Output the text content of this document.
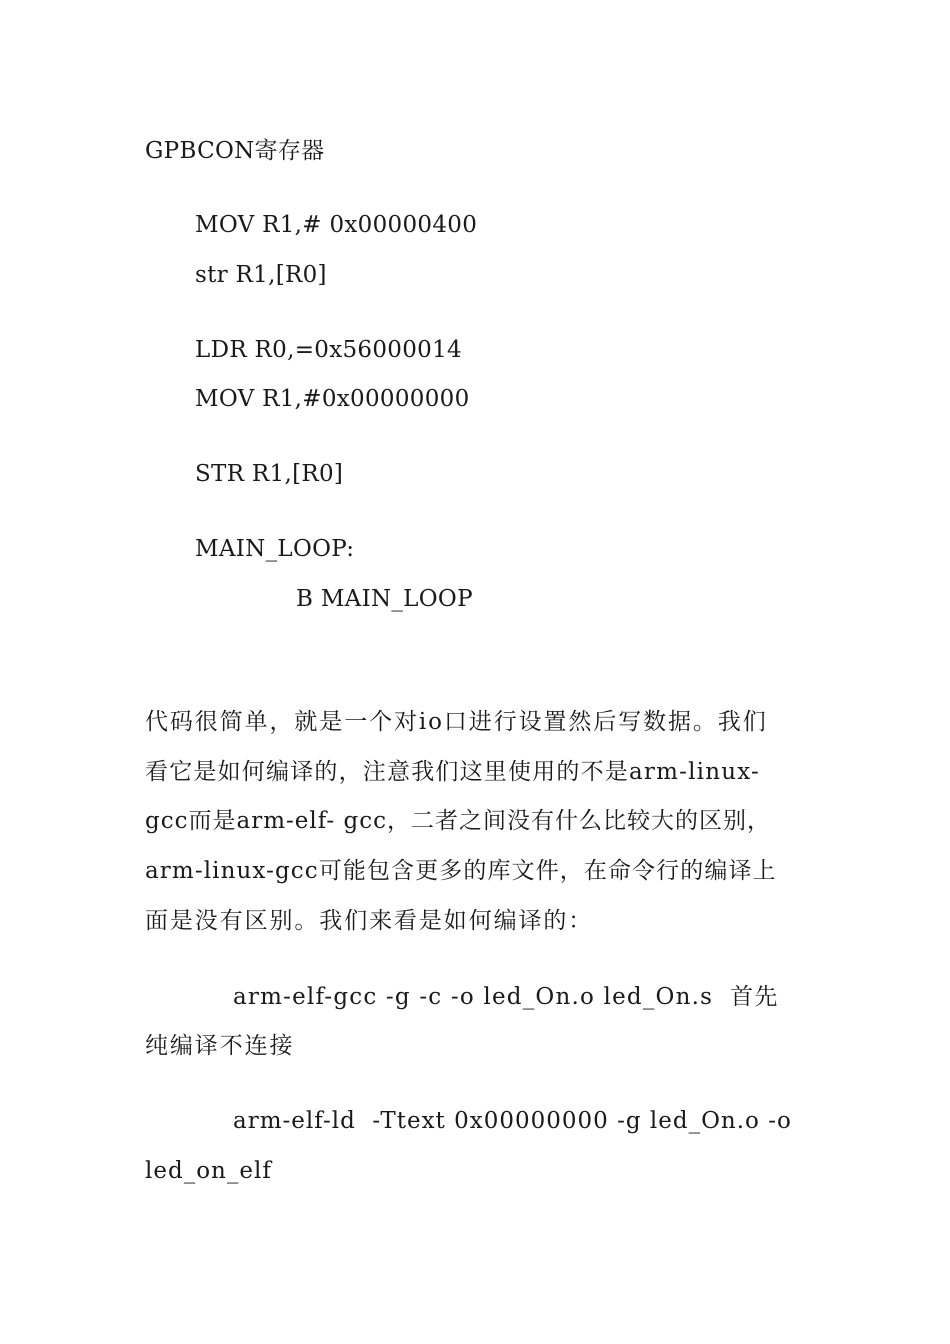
GPBCON寄存器
MOV R1,# 0x00000400
str R1,[R0]
LDR R0,=0x56000014
MOV R1,#0x00000000
STR R1,[R0]
MAIN_LOOP:
B MAIN_LOOP
代码很简单，就是一个对io口进行设置然后写数据。我们
看它是如何编译的，注意我们这里使用的不是arm-linux-
gcc而是arm-elf- gcc，二者之间没有什么比较大的区别，
arm-linux-gcc可能包含更多的库文件，在命令行的编译上
面是没有区别。我们来看是如何编译的：
arm-elf-gcc -g -c -o led_On.o led_On.s  首先
纯编译不连接
arm-elf-ld  -Ttext 0x00000000 -g led_On.o -o
led_on_elf
